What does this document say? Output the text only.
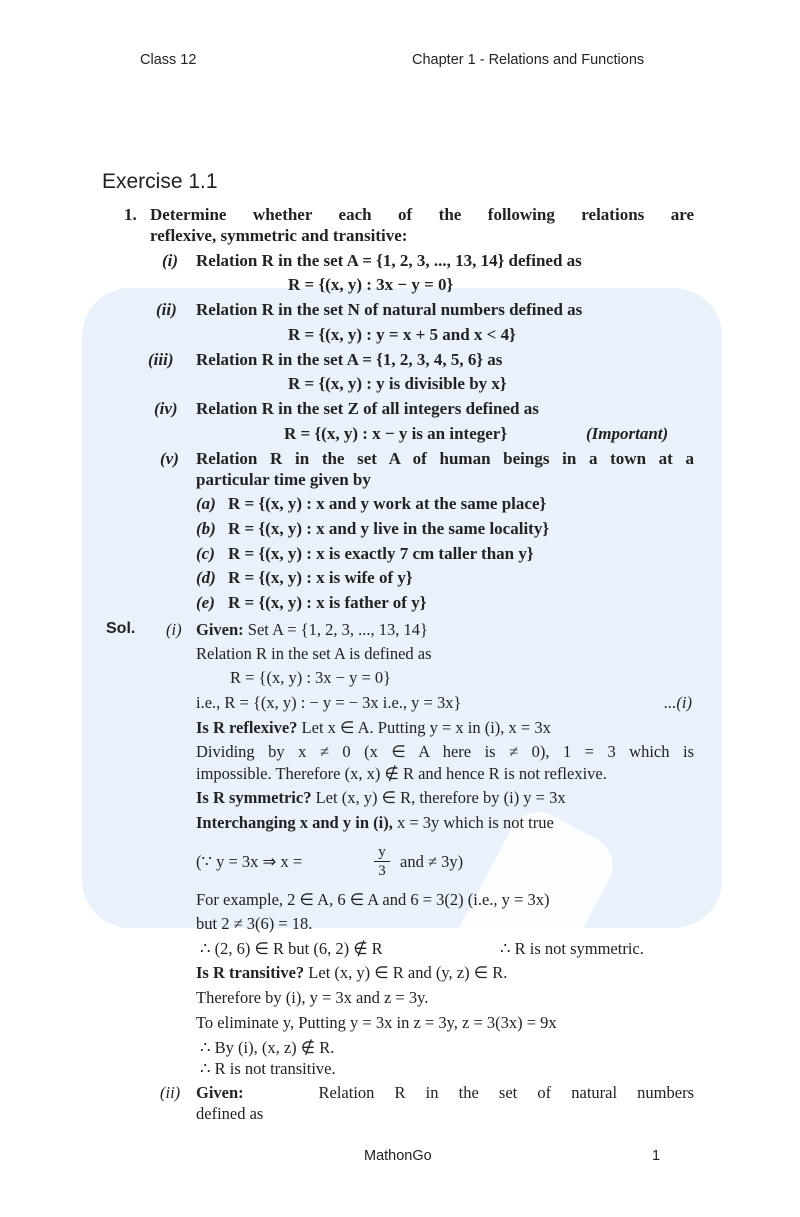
Class 12	Chapter 1 - Relations and Functions
Exercise 1.1
1. Determine whether each of the following relations are
reflexive, symmetric and transitive:
(i) Relation R in the set A = {1, 2, 3, ..., 13, 14} defined as
R = {(x, y) : 3x − y = 0}
(ii) Relation R in the set N of natural numbers defined as
R = {(x, y) : y = x + 5 and x < 4}
(iii) Relation R in the set A = {1, 2, 3, 4, 5, 6} as
R = {(x, y) : y is divisible by x}
(iv) Relation R in the set Z of all integers defined as
R = {(x, y) : x − y is an integer}	(Important)
(v) Relation R in the set A of human beings in a town at a
particular time given by
(a) R = {(x, y) : x and y work at the same place}
(b) R = {(x, y) : x and y live in the same locality}
(c) R = {(x, y) : x is exactly 7 cm taller than y}
(d) R = {(x, y) : x is wife of y}
(e) R = {(x, y) : x is father of y}
Sol. (i) Given: Set A = {1, 2, 3, ..., 13, 14}
Relation R in the set A is defined as
R = {(x, y) : 3x − y = 0}
i.e., R = {(x, y) : − y = − 3x i.e., y = 3x}	...(i)
Is R reflexive? Let x ∈ A. Putting y = x in (i), x = 3x
Dividing by x ≠ 0 (x ∈ A here is ≠ 0), 1 = 3 which is
impossible. Therefore (x, x) ∉ R and hence R is not reflexive.
Is R symmetric? Let (x, y) ∈ R, therefore by (i) y = 3x
Interchanging x and y in (i), x = 3y which is not true
(∵ y = 3x ⇒ x =	$\frac{y}{3}$ and ≠ 3y)
For example, 2 ∈ A, 6 ∈ A and 6 = 3(2) (i.e., y = 3x)
but 2 ≠ 3(6) = 18.
∴ (2, 6) ∈ R but (6, 2) ∉ R	∴ R is not symmetric.
Is R transitive? Let (x, y) ∈ R and (y, z) ∈ R.
Therefore by (i), y = 3x and z = 3y.
To eliminate y, Putting y = 3x in z = 3y, z = 3(3x) = 9x
∴ By (i), (x, z) ∉ R.
∴ R is not transitive.
(ii) Given:	Relation R in the set of natural numbers
defined as
MathonGo	1
